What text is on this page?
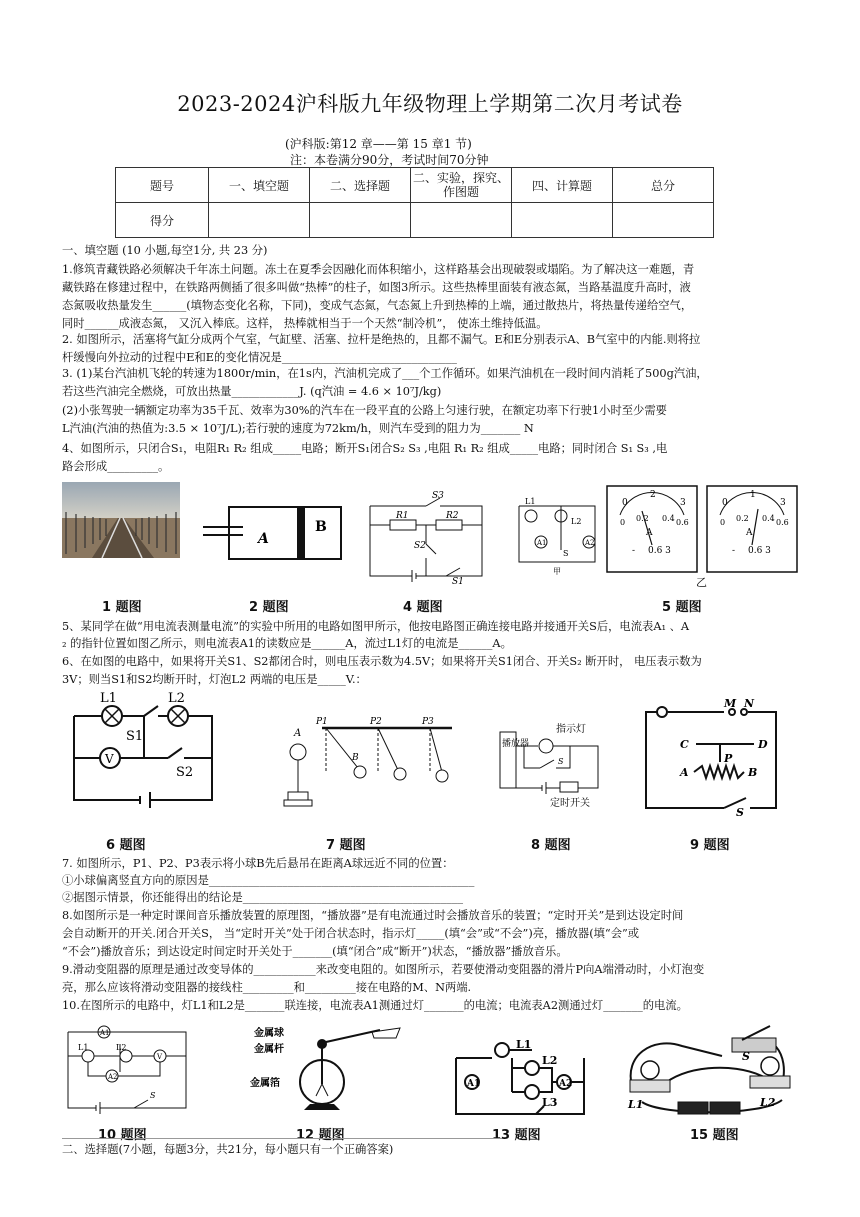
2023-2024沪科版九年级物理上学期第二次月考试卷
(沪科版:第12 章——第 15 章1 节)
注：本卷满分90分，考试时间70分钟
题号	一、填空题	二、选择题	二、实验，探究、作图题	四、计算题	总分
得分					
一、填空题 (10 小题,每空1分, 共 23 分)
1.修筑青藏铁路必须解决千年冻土问题。冻土在夏季会因融化而体积缩小，这样路基会出现破裂或塌陷。为了解决这一难题，青
藏铁路在修建过程中，在铁路两侧插了很多叫做“热棒”的柱子，如图3所示。这些热棒里面装有液态氮，当路基温度升高时，液
态氮吸收热量发生______(填物态变化名称，下同)，变成气态氮，气态氮上升到热棒的上端，通过散热片，将热量传递给空气，
同时______成液态氮， 又沉入棒底。这样， 热棒就相当于一个天然“制冷机”， 使冻土维持低温。
2. 如图所示，活塞将气缸分成两个气室，气缸壁、活塞、拉杆是绝热的，且都不漏气。E和E分别表示A、B气室中的内能.则将拉
杆缓慢向外拉动的过程中E和E的变化情况是_______________________________
3. (1)某台汽油机飞轮的转速为1800r/min，在1s内，汽油机完成了___个工作循环。如果汽油机在一段时间内消耗了500g汽油，
若这些汽油完全燃烧，可放出热量____________J. (q汽油 = 4.6 × 10⁷J/kg)
(2)小张驾驶一辆额定功率为35千瓦、效率为30%的汽车在一段平直的公路上匀速行驶，在额定功率下行驶1小时至少需要
L汽油(汽油的热值为:3.5 × 10⁷J/L);若行驶的速度为72km/h，则汽车受到的阻力为_______ N
4、如图所示，只闭合S₁，电阻R₁ R₂ 组成_____电路；断开S₁闭合S₂ S₃ ,电阻 R₁ R₂ 组成_____电路；同时闭合 S₁ S₃ ,电
路会形成_________。
1 题图
A
B
2 题图
S3
R1	R2
S2
S1
4 题图
L1
L2
A1	A2
S
甲
0
2
3
0 0.2 0.4 0.6
A
- 0.6 3
0
1
3
0 0.2 0.4 0.6
A
- 0.6 3
乙
5 题图
5、某同学在做“用电流表测量电流”的实验中所用的电路如图甲所示，他按电路图正确连接电路并接通开关S后，电流表A₁ 、A
₂ 的指针位置如图乙所示，则电流表A1的读数应是______A，流过L1灯的电流是______A。
6、在如图的电路中，如果将开关S1、S2都闭合时，则电压表示数为4.5V；如果将开关S1闭合、开关S₂ 断开时， 电压表示数为
3V；则当S1和S2均断开时，灯泡L2 两端的电压是_____V.：
L1	L2
S1
S2
V
6 题图
A
P1	P2	P3
B
7 题图
播放器
指示灯
S
定时开关
8 题图
M N
C	D
P
A	B
S
9 题图
7. 如图所示，P1、P2、P3表示将小球B先后悬吊在距离A球远近不同的位置：
①小球偏离竖直方向的原因是_______________________________________________
②据图示情景，你还能得出的结论是_______________________________________
8.如图所示是一种定时课间音乐播放装置的原理图，“播放器”是有电流通过时会播放音乐的装置；“定时开关”是到达设定时间
会自动断开的开关.闭合开关S， 当“定时开关”处于闭合状态时，指示灯_____(填“会”或“不会”)亮，播放器(填“会”或
“不会”)播放音乐；到达设定时间定时开关处于_______(填“闭合”成“断开”)状态，“播放器”播放音乐。
9.滑动变阻器的原理是通过改变导体的___________来改变电阻的。如图所示，若要使滑动变阻器的滑片P向A端滑动时，小灯泡变
亮，那么应该将滑动变阻器的接线柱_________和_________接在电路的M、N两端.
10.在图所示的电路中，灯L1和L2是_______联连接，电流表A1测通过灯_______的电流；电流表A2测通过灯_______的电流。
A1
L1	L2
A2
V
S
10 题图
金属球
金属杆
金属箔
12 题图
A1
L1
L2
L3
A2
13 题图
S
L1	L2
15 题图
二、选择题(7小题，每题3分，共21分，每小题只有一个正确答案)
